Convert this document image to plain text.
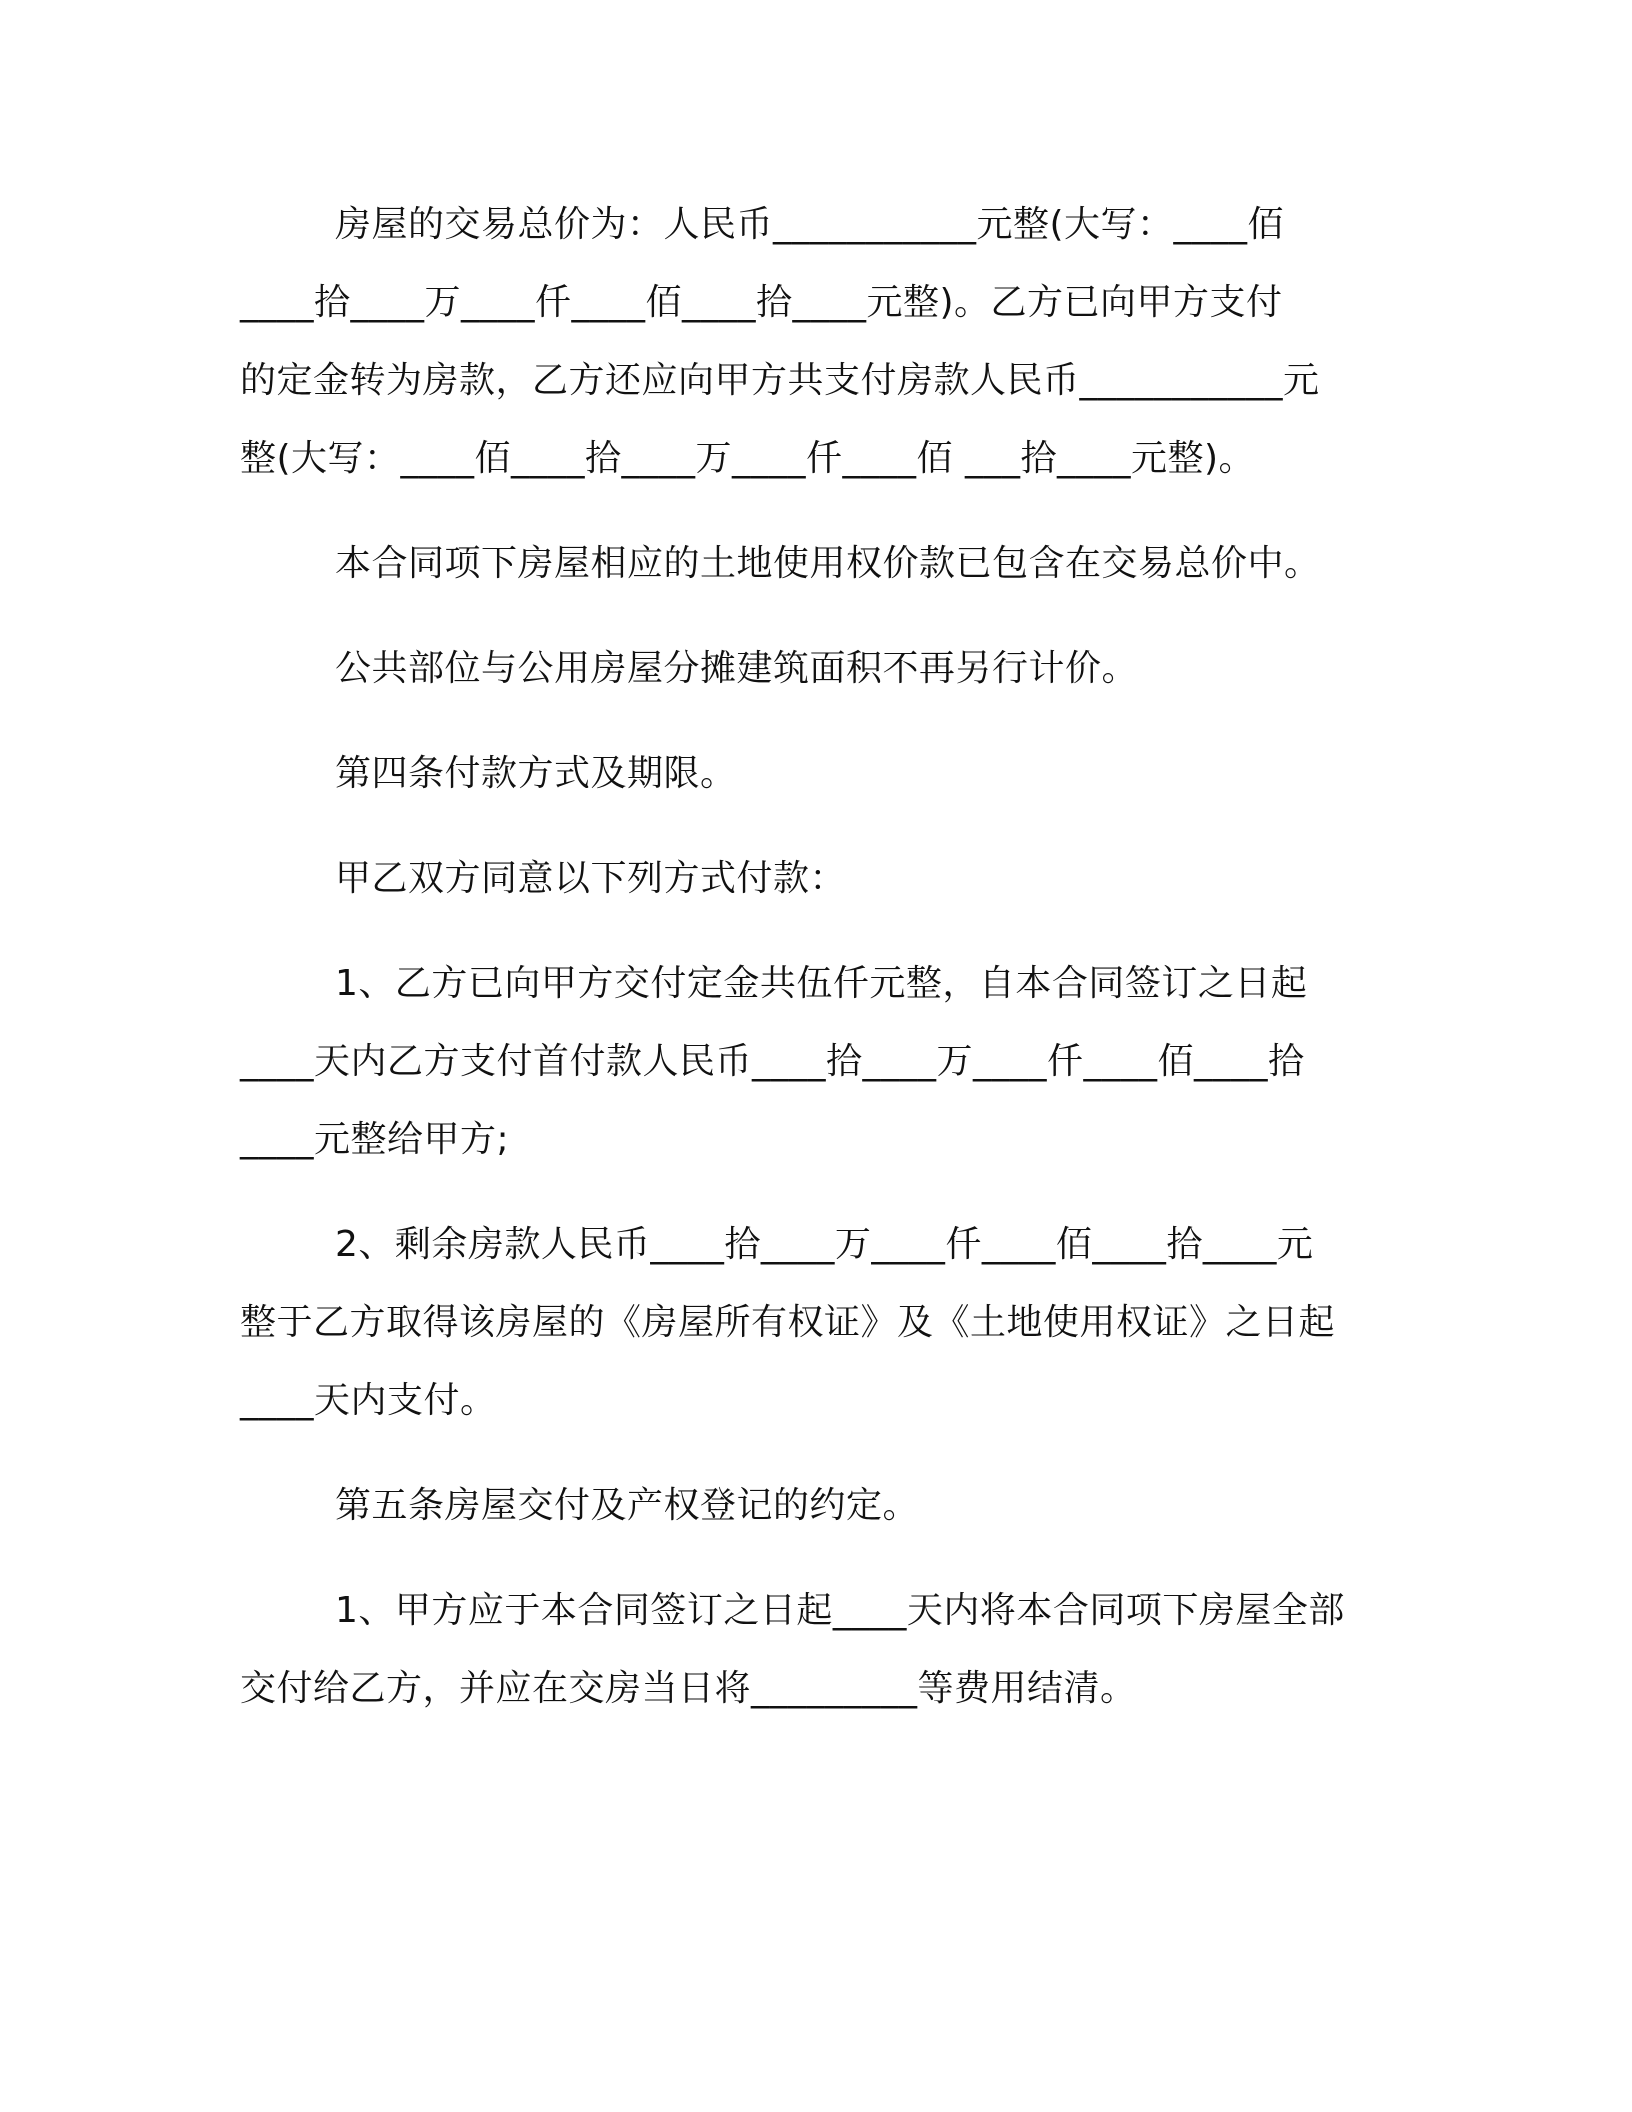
房屋的交易总价为：人民币___________元整(大写：____佰
____拾____万____仟____佰____拾____元整)。乙方已向甲方支付
的定金转为房款，乙方还应向甲方共支付房款人民币___________元
整(大写：____佰____拾____万____仟____佰 ___拾____元整)。
本合同项下房屋相应的土地使用权价款已包含在交易总价中。
公共部位与公用房屋分摊建筑面积不再另行计价。
第四条付款方式及期限。
甲乙双方同意以下列方式付款：
1、乙方已向甲方交付定金共伍仟元整，自本合同签订之日起
____天内乙方支付首付款人民币____拾____万____仟____佰____拾
____元整给甲方;
2、剩余房款人民币____拾____万____仟____佰____拾____元
整于乙方取得该房屋的《房屋所有权证》及《土地使用权证》之日起
____天内支付。
第五条房屋交付及产权登记的约定。
1、甲方应于本合同签订之日起____天内将本合同项下房屋全部
交付给乙方，并应在交房当日将_________等费用结清。
